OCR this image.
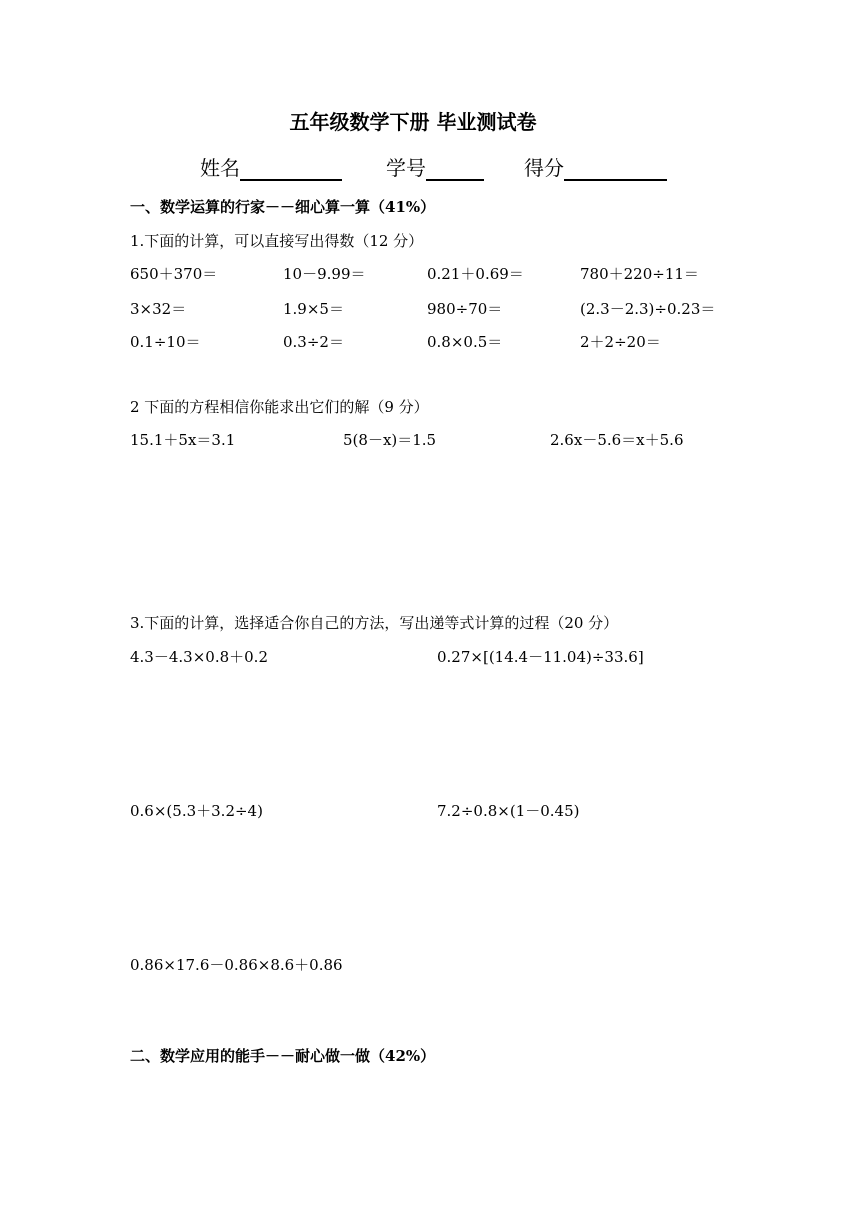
五年级数学下册 毕业测试卷
姓名	学号	得分
一、数学运算的行家－－细心算一算（41%）
1.下面的计算，可以直接写出得数（12 分）
650＋370＝	10－9.99＝	0.21＋0.69＝	780＋220÷11＝
3×32＝	1.9×5＝	980÷70＝	(2.3－2.3)÷0.23＝
0.1÷10＝	0.3÷2＝	0.8×0.5＝	2＋2÷20＝
2 下面的方程相信你能求出它们的解（9 分）
15.1＋5x＝3.1	5(8－x)＝1.5	2.6x－5.6＝x＋5.6
3.下面的计算，选择适合你自己的方法，写出递等式计算的过程（20 分）
4.3－4.3×0.8＋0.2	0.27×[(14.4－11.04)÷33.6]
0.6×(5.3＋3.2÷4)	7.2÷0.8×(1－0.45)
0.86×17.6－0.86×8.6＋0.86
二、数学应用的能手－－耐心做一做（42%）
